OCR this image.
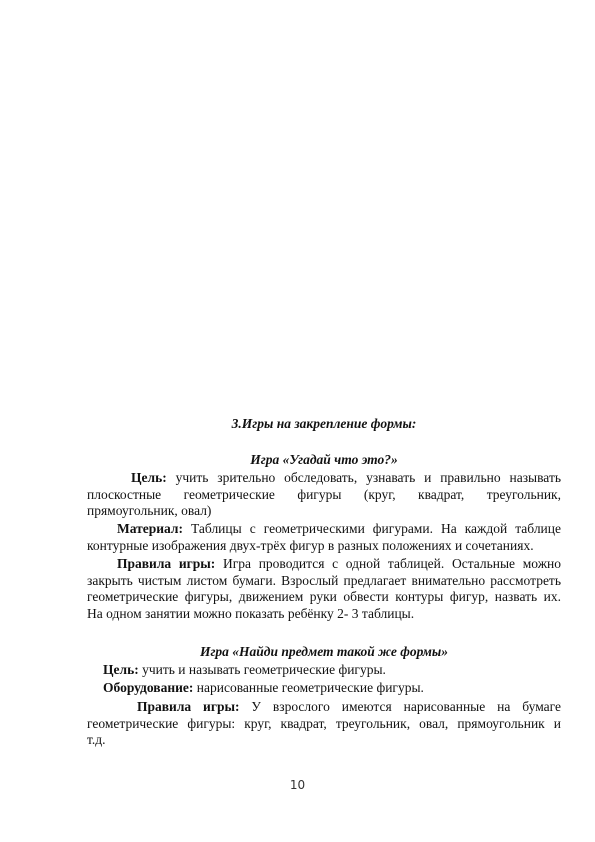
3.Игры на закрепление формы:
Игра «Угадай что это?»
Цель: учить зрительно обследовать, узнавать и правильно называть
плоскостные геометрические фигуры (круг, квадрат, треугольник,
прямоугольник, овал)
Материал: Таблицы с геометрическими фигурами. На каждой таблице
контурные изображения двух-трёх фигур в разных положениях и сочетаниях.
Правила игры: Игра проводится с одной таблицей. Остальные можно
закрыть чистым листом бумаги. Взрослый предлагает внимательно рассмотреть
геометрические фигуры, движением руки обвести контуры фигур, назвать их.
На одном занятии можно показать ребёнку 2- 3 таблицы.
Игра «Найди предмет такой же формы»
Цель: учить и называть геометрические фигуры.
Оборудование: нарисованные геометрические фигуры.
Правила игры: У взрослого имеются нарисованные на бумаге
геометрические фигуры: круг, квадрат, треугольник, овал, прямоугольник и
т.д.
10
